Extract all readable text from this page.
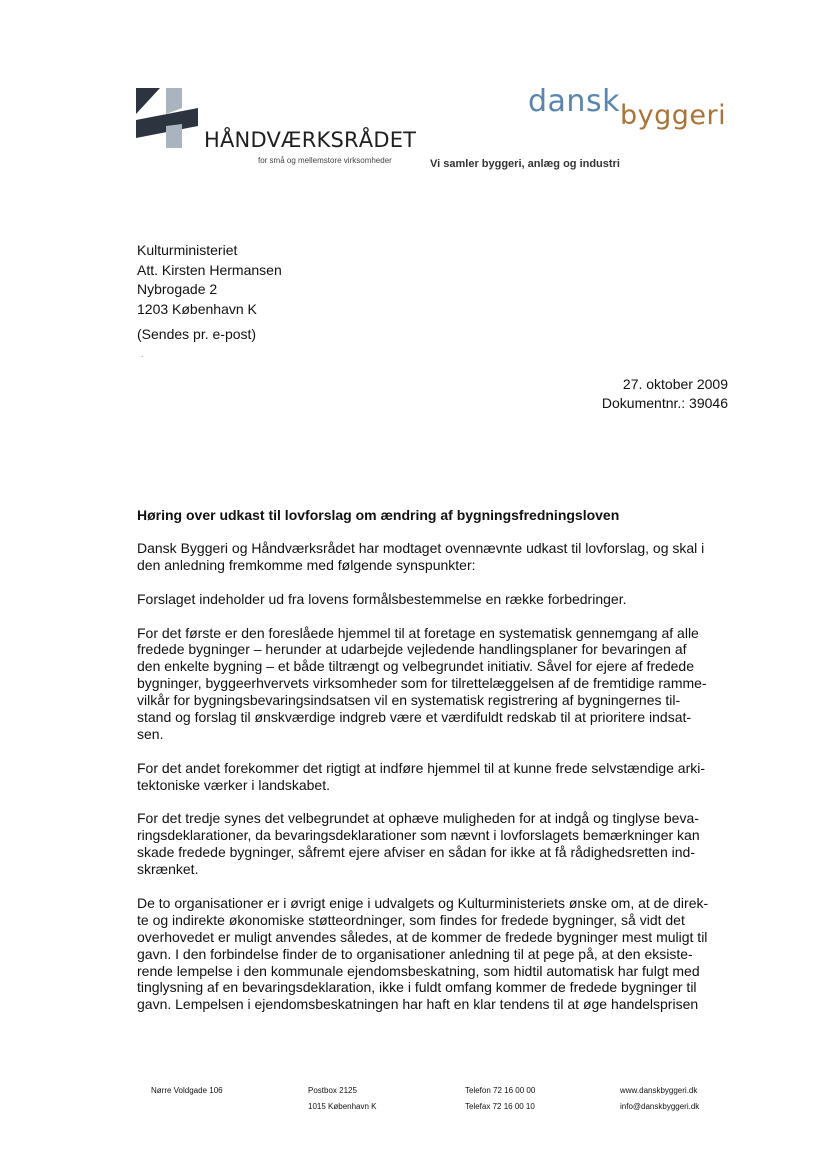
HÅNDVÆRKSRÅDET
for små og mellemstore virksomheder
dansk byggeri
Vi samler byggeri, anlæg og industri
Kulturministeriet
Att. Kirsten Hermansen
Nybrogade 2
1203 København K
(Sendes pr. e-post)
.
27. oktober 2009
Dokumentnr.: 39046
Høring over udkast til lovforslag om ændring af bygningsfredningsloven
Dansk Byggeri og Håndværksrådet har modtaget ovennævnte udkast til lovforslag, og skal i
den anledning fremkomme med følgende synspunkter:
Forslaget indeholder ud fra lovens formålsbestemmelse en række forbedringer.
For det første er den foreslåede hjemmel til at foretage en systematisk gennemgang af alle
fredede bygninger – herunder at udarbejde vejledende handlingsplaner for bevaringen af
den enkelte bygning – et både tiltrængt og velbegrundet initiativ. Såvel for ejere af fredede
bygninger, byggeerhvervets virksomheder som for tilrettelæggelsen af de fremtidige ramme-
vilkår for bygningsbevaringsindsatsen vil en systematisk registrering af bygningernes til-
stand og forslag til ønskværdige indgreb være et værdifuldt redskab til at prioritere indsat-
sen.
For det andet forekommer det rigtigt at indføre hjemmel til at kunne frede selvstændige arki-
tektoniske værker i landskabet.
For det tredje synes det velbegrundet at ophæve muligheden for at indgå og tinglyse beva-
ringsdeklarationer, da bevaringsdeklarationer som nævnt i lovforslagets bemærkninger kan
skade fredede bygninger, såfremt ejere afviser en sådan for ikke at få rådighedsretten ind-
skrænket.
De to organisationer er i øvrigt enige i udvalgets og Kulturministeriets ønske om, at de direk-
te og indirekte økonomiske støtteordninger, som findes for fredede bygninger, så vidt det
overhovedet er muligt anvendes således, at de kommer de fredede bygninger mest muligt til
gavn. I den forbindelse finder de to organisationer anledning til at pege på, at den eksiste-
rende lempelse i den kommunale ejendomsbeskatning, som hidtil automatisk har fulgt med
tinglysning af en bevaringsdeklaration, ikke i fuldt omfang kommer de fredede bygninger til
gavn. Lempelsen i ejendomsbeskatningen har haft en klar tendens til at øge handelsprisen
Nørre Voldgade 106	Postbox 2125
1015 København K
Telefon 72 16 00 00
Telefax 72 16 00 10
www.danskbyggeri.dk
info@danskbyggeri.dk
